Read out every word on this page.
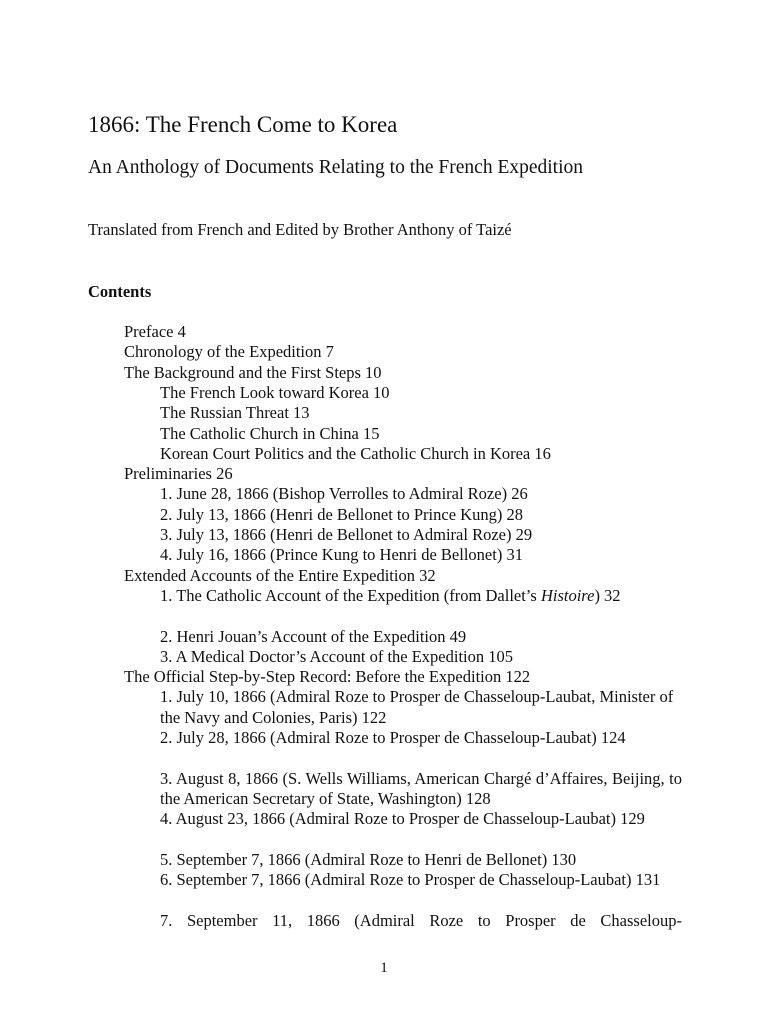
1866: The French Come to Korea
An Anthology of Documents Relating to the French Expedition
Translated from French and Edited by Brother Anthony of Taizé
Contents
Preface 4
Chronology of the Expedition 7
The Background and the First Steps 10
The French Look toward Korea 10
The Russian Threat 13
The Catholic Church in China 15
Korean Court Politics and the Catholic Church in Korea 16
Preliminaries 26
1. June 28, 1866 (Bishop Verrolles to Admiral Roze) 26
2. July 13, 1866 (Henri de Bellonet to Prince Kung) 28
3. July 13, 1866 (Henri de Bellonet to Admiral Roze) 29
4. July 16, 1866 (Prince Kung to Henri de Bellonet) 31
Extended Accounts of the Entire Expedition 32
1. The Catholic Account of the Expedition (from Dallet’s Histoire) 32
2. Henri Jouan’s Account of the Expedition 49
3. A Medical Doctor’s Account of the Expedition 105
The Official Step-by-Step Record: Before the Expedition 122
1. July 10, 1866 (Admiral Roze to Prosper de Chasseloup-Laubat, Minister of the Navy and Colonies, Paris) 122
2. July 28, 1866 (Admiral Roze to Prosper de Chasseloup-Laubat) 124
3. August 8, 1866 (S. Wells Williams, American Chargé d’Affaires, Beijing, to the American Secretary of State, Washington) 128
4. August 23, 1866 (Admiral Roze to Prosper de Chasseloup-Laubat) 129
5. September 7, 1866 (Admiral Roze to Henri de Bellonet) 130
6. September 7, 1866 (Admiral Roze to Prosper de Chasseloup-Laubat) 131
7. September 11, 1866 (Admiral Roze to Prosper de Chasseloup-
1
